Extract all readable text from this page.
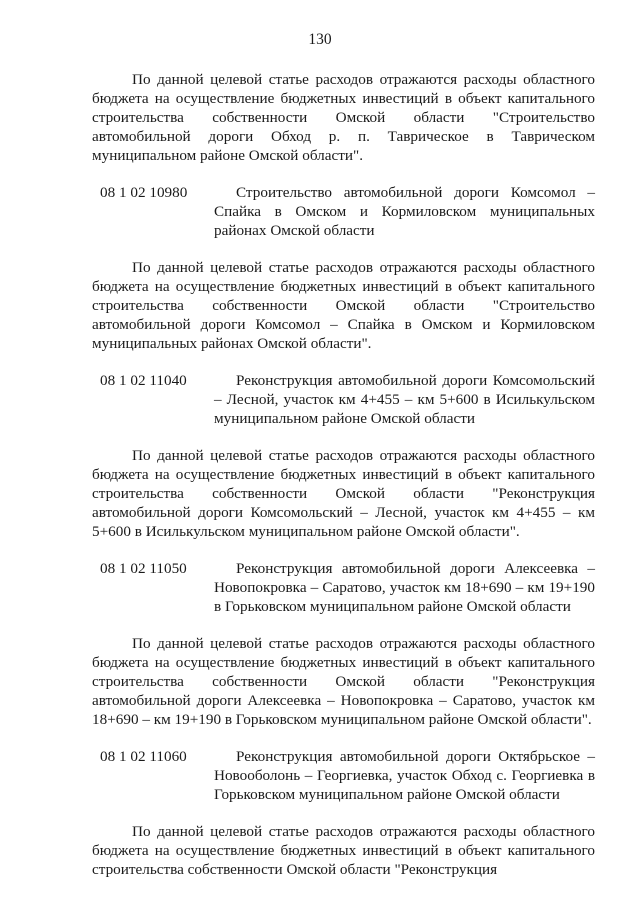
130

По данной целевой статье расходов отражаются расходы областного бюджета на осуществление бюджетных инвестиций в объект капитального строительства собственности Омской области "Строительство автомобильной дороги Обход р. п. Таврическое в Таврическом муниципальном районе Омской области".

08 1 02 10980	Строительство автомобильной дороги Комсомол – Спайка в Омском и Кормиловском муниципальных районах Омской области

По данной целевой статье расходов отражаются расходы областного бюджета на осуществление бюджетных инвестиций в объект капитального строительства собственности Омской области "Строительство автомобильной дороги Комсомол – Спайка в Омском и Кормиловском муниципальных районах Омской области".

08 1 02 11040	Реконструкция автомобильной дороги Комсомольский – Лесной, участок км 4+455 – км 5+600 в Исилькульском муниципальном районе Омской области

По данной целевой статье расходов отражаются расходы областного бюджета на осуществление бюджетных инвестиций в объект капитального строительства собственности Омской области "Реконструкция автомобильной дороги Комсомольский – Лесной, участок км 4+455 – км 5+600 в Исилькульском муниципальном районе Омской области".

08 1 02 11050	Реконструкция автомобильной дороги Алексеевка – Новопокровка – Саратово, участок км 18+690 – км 19+190 в Горьковском муниципальном районе Омской области

По данной целевой статье расходов отражаются расходы областного бюджета на осуществление бюджетных инвестиций в объект капитального строительства собственности Омской области "Реконструкция автомобильной дороги Алексеевка – Новопокровка – Саратово, участок км 18+690 – км 19+190 в Горьковском муниципальном районе Омской области".

08 1 02 11060	Реконструкция автомобильной дороги Октябрьское – Новооболонь – Георгиевка, участок Обход с. Георгиевка в Горьковском муниципальном районе Омской области

По данной целевой статье расходов отражаются расходы областного бюджета на осуществление бюджетных инвестиций в объект капитального строительства собственности Омской области "Реконструкция
